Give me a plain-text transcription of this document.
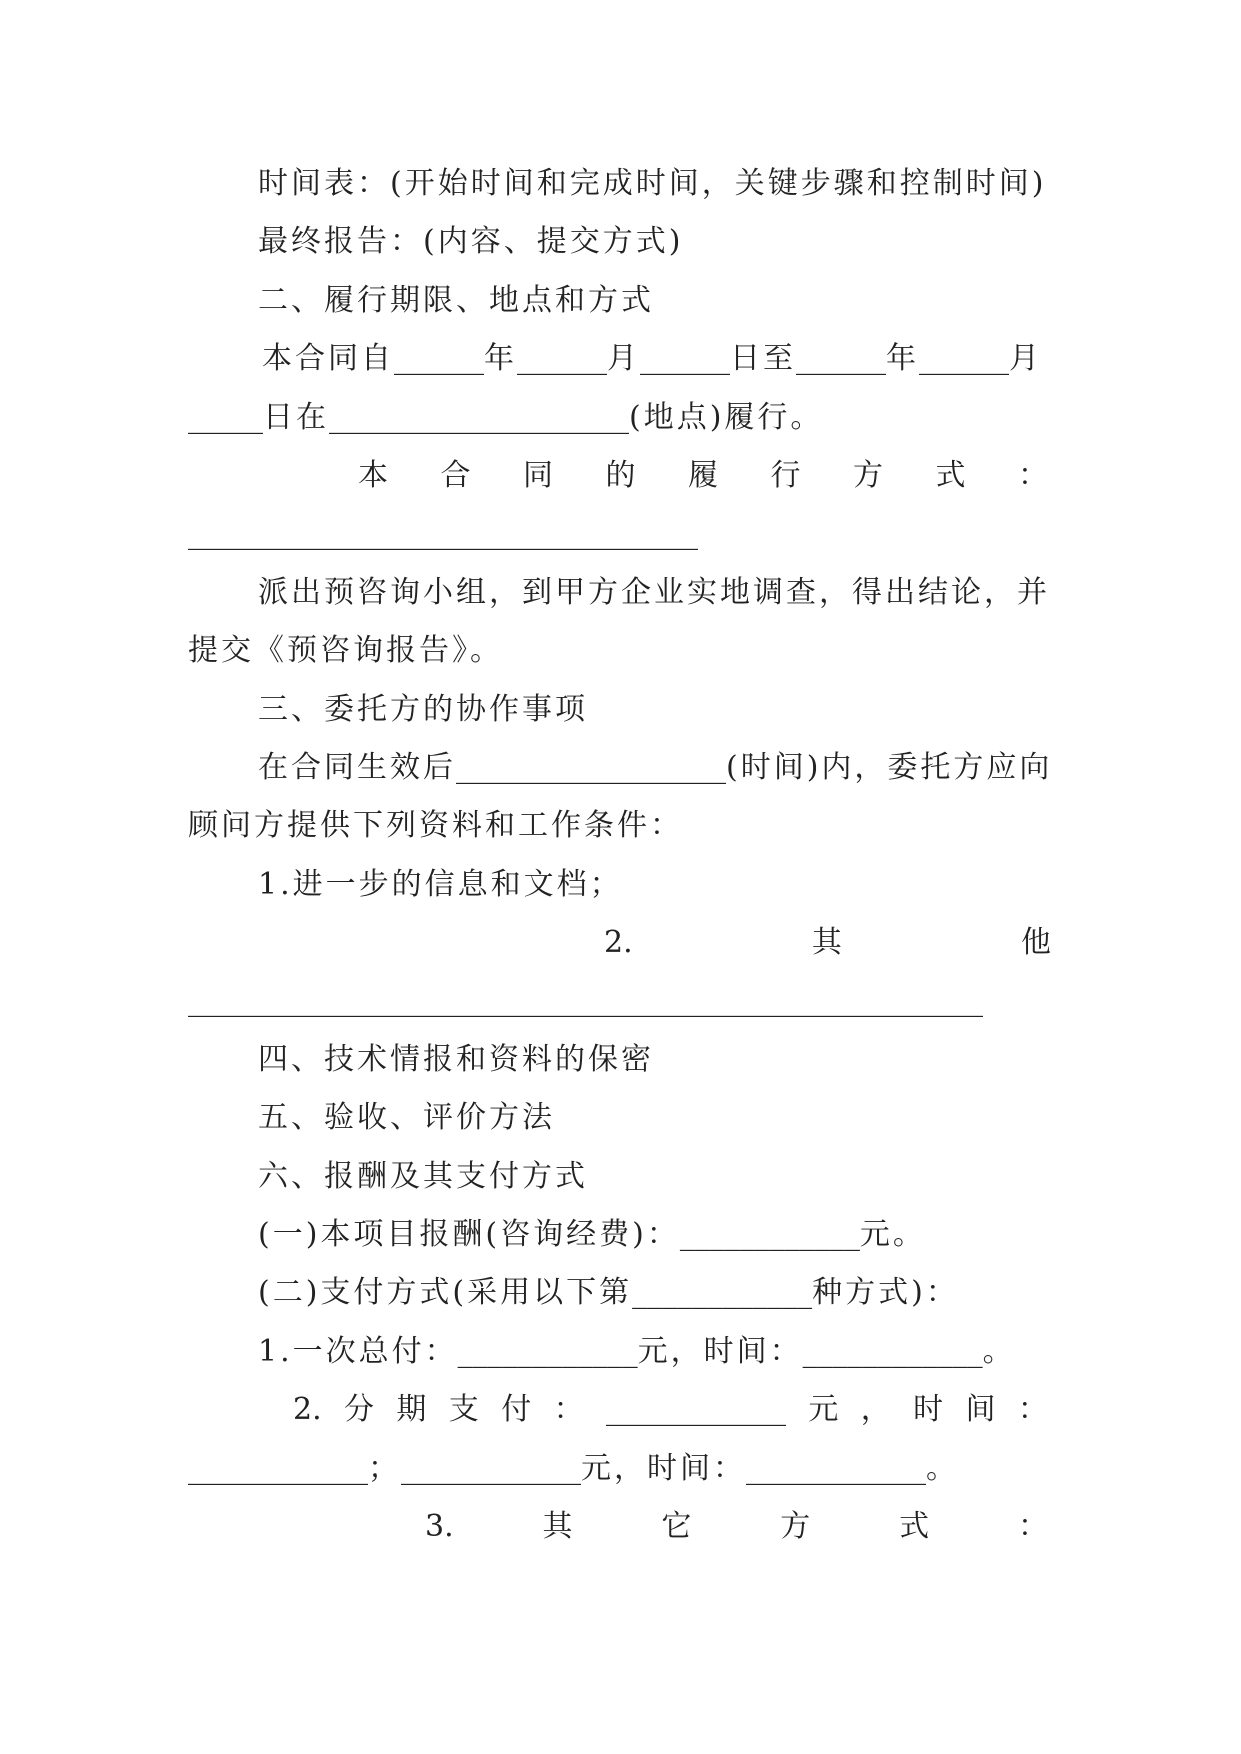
时间表：(开始时间和完成时间，关键步骤和控制时间)
最终报告：(内容、提交方式)
二、履行期限、地点和方式
本合同自______年______月______日至______年______月
_____日在____________________(地点)履行。
本 合 同 的 履 行 方 式 ：
__________________________________
派出预咨询小组，到甲方企业实地调查，得出结论，并
提交《预咨询报告》。
三、委托方的协作事项
在合同生效后__________________(时间)内，委托方应向
顾问方提供下列资料和工作条件：
1.进一步的信息和文档；
2.	其	他
_____________________________________________________
四、技术情报和资料的保密
五、验收、评价方法
六、报酬及其支付方式
(一)本项目报酬(咨询经费)：____________元。
(二)支付方式(采用以下第____________种方式)：
1.一次总付：____________元，时间：____________。
2. 分 期 支 付 ： ____________ 元 ， 时 间 ：
____________；____________元，时间：____________。
3.	其	它	方	式	：
